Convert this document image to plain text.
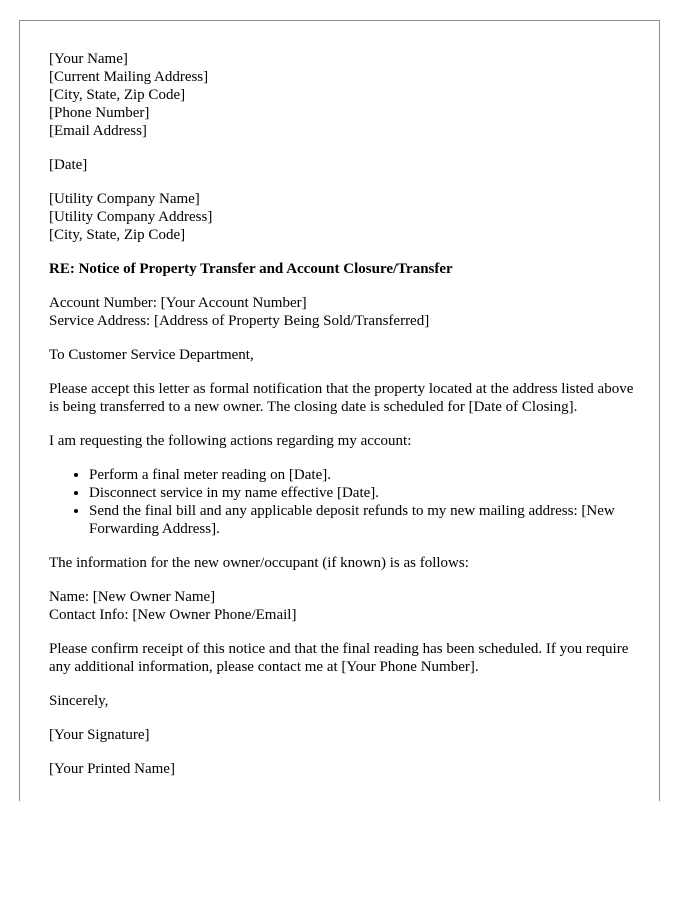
[Your Name]
[Current Mailing Address]
[City, State, Zip Code]
[Phone Number]
[Email Address]
[Date]
[Utility Company Name]
[Utility Company Address]
[City, State, Zip Code]
RE: Notice of Property Transfer and Account Closure/Transfer
Account Number: [Your Account Number]
Service Address: [Address of Property Being Sold/Transferred]

To Customer Service Department,

Please accept this letter as formal notification that the property located at the address listed above is being transferred to a new owner. The closing date is scheduled for [Date of Closing].

I am requesting the following actions regarding my account:

• Perform a final meter reading on [Date].
• Disconnect service in my name effective [Date].
• Send the final bill and any applicable deposit refunds to my new mailing address: [New Forwarding Address].

The information for the new owner/occupant (if known) is as follows:

Name: [New Owner Name]
Contact Info: [New Owner Phone/Email]

Please confirm receipt of this notice and that the final reading has been scheduled. If you require any additional information, please contact me at [Your Phone Number].

Sincerely,

[Your Signature]

[Your Printed Name]
